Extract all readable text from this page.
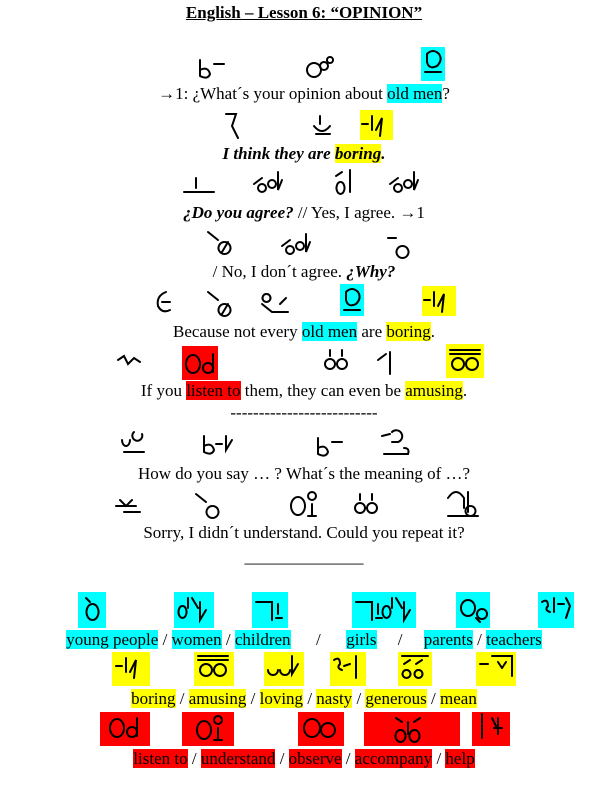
English – Lesson 6: “OPINION”
→1: ¿What´s your opinion about old men?
I think they are boring.
¿Do you agree? // Yes, I agree. →1
/ No, I don´t agree. ¿Why?
Because not every old men are boring.
If you listen to them, they can even be amusing.
--------------------------
How do you say … ? What´s the meaning of …?
Sorry, I didn´t understand. Could you repeat it?
———————
young people / women / children / girls / parents / teachers
boring / amusing / loving / nasty / generous / mean
listen to / understand / observe / accompany / help
